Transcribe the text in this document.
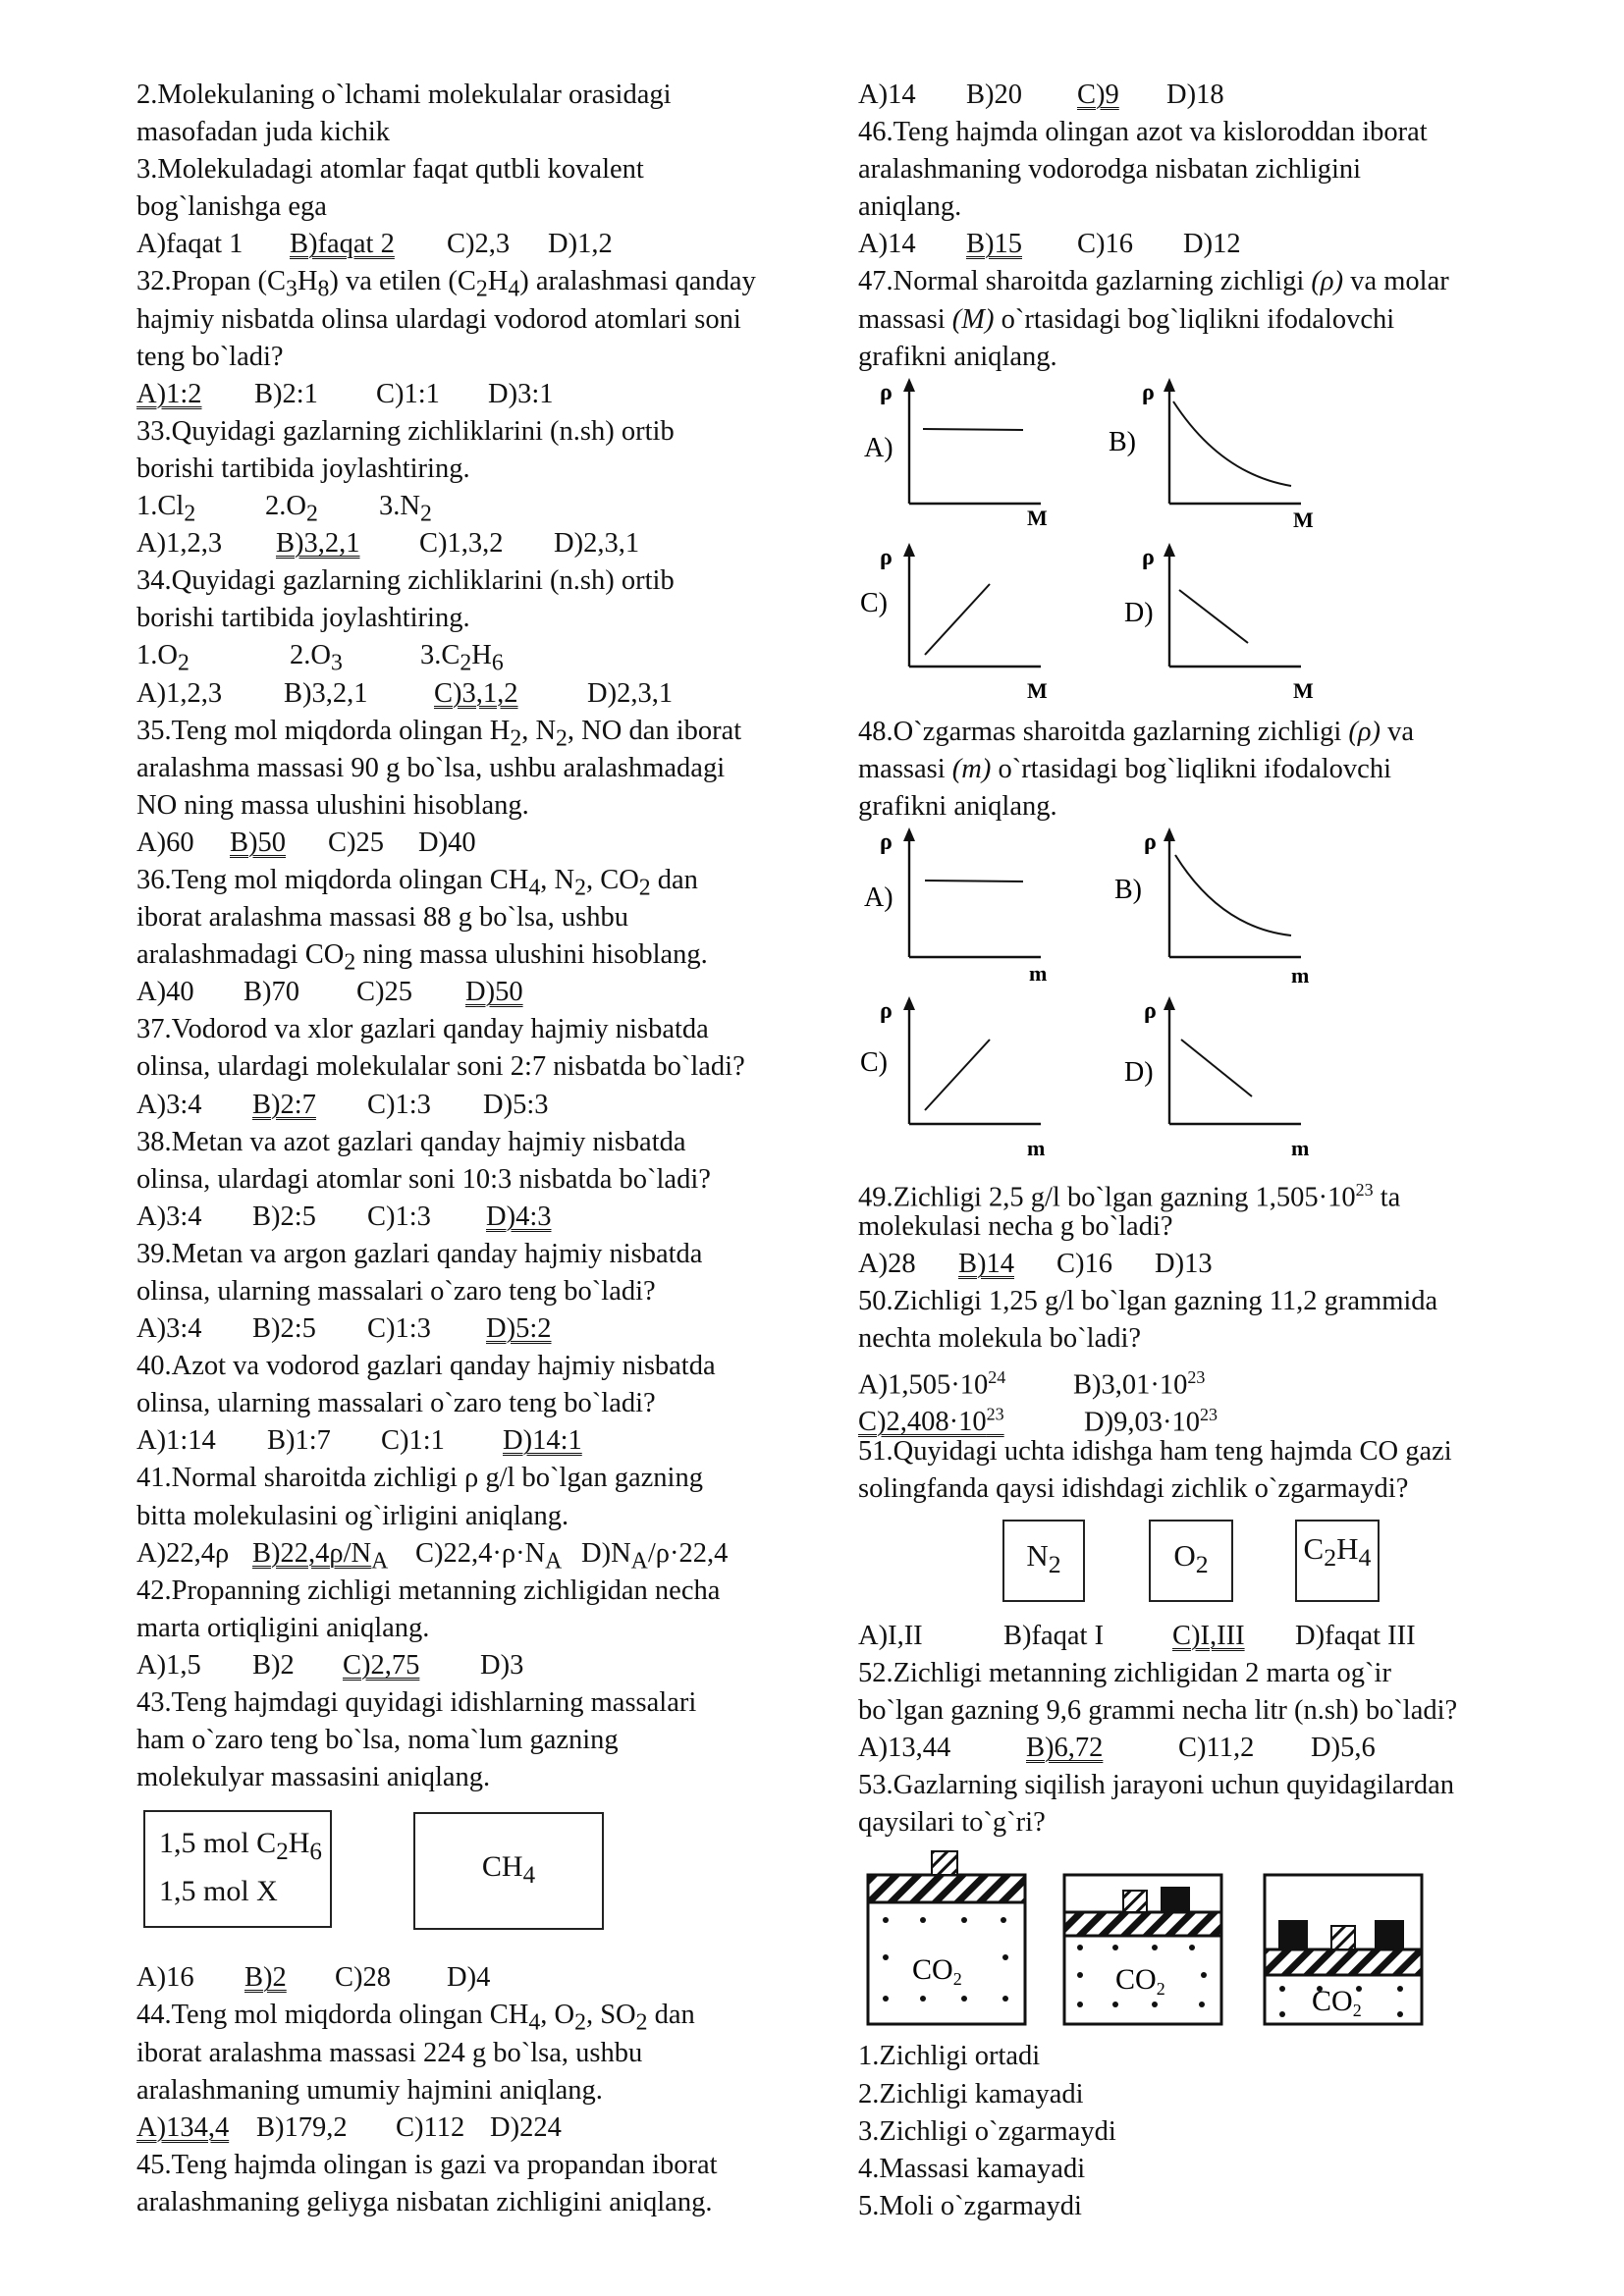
2.Molekulaning o`lchami molekulalar orasidagi
masofadan juda kichik
3.Molekuladagi atomlar faqat qutbli kovalent
bog`lanishga ega
A)faqat 1 B)faqat 2 C)2,3 D)1,2
32.Propan $(C_3H_8)$ va etilen $(C_2H_4)$ aralashmasi qanday
hajmiy nisbatda olinsa ulardagi vodorod atomlari soni
teng bo`ladi?
A)1:2 B)2:1 C)1:1 D)3:1
33.Quyidagi gazlarning zichliklarini (n.sh) ortib
borishi tartibida joylashtiring.
$1.Cl_2$ $2.O_2$ $3.N_2$
A)1,2,3 B)3,2,1 C)1,3,2 D)2,3,1
34.Quyidagi gazlarning zichliklarini (n.sh) ortib
borishi tartibida joylashtiring.
$1.O_2$	$2.O_3$	$3.C_2H_6$
A)1,2,3 B)3,2,1 C)3,1,2 D)2,3,1
35.Teng mol miqdorda olingan $H_2$, $N_2$, NO dan iborat
aralashma massasi 90 g bo`lsa, ushbu aralashmadagi
NO ning massa ulushini hisoblang.
A)60 B)50 C)25 D)40
36.Teng mol miqdorda olingan $CH_4$, $N_2$, $CO_2$ dan
iborat aralashma massasi 88 g bo`lsa, ushbu
aralashmadagi $CO_2$ ning massa ulushini hisoblang.
A)40 B)70 C)25 D)50
37.Vodorod va xlor gazlari qanday hajmiy nisbatda
olinsa, ulardagi molekulalar soni 2:7 nisbatda bo`ladi?
A)3:4 B)2:7 C)1:3 D)5:3
38.Metan va azot gazlari qanday hajmiy nisbatda
olinsa, ulardagi atomlar soni 10:3 nisbatda bo`ladi?
A)3:4 B)2:5 C)1:3 D)4:3
39.Metan va argon gazlari qanday hajmiy nisbatda
olinsa, ularning massalari o`zaro teng bo`ladi?
A)3:4 B)2:5 C)1:3 D)5:2
40.Azot va vodorod gazlari qanday hajmiy nisbatda
olinsa, ularning massalari o`zaro teng bo`ladi?
A)1:14 B)1:7 C)1:1 D)14:1
41.Normal sharoitda zichligi ρ g/l bo`lgan gazning
bitta molekulasini og`irligini aniqlang.
A)22,4ρ $B)22,4\rho/N_A$ $C)22,4\cdot\rho\cdot N_A$ $D)N_A/\rho\cdot 22,4$
42.Propanning zichligi metanning zichligidan necha
marta ortiqligini aniqlang.
A)1,5 B)2 C)2,75 D)3
43.Teng hajmdagi quyidagi idishlarning massalari
ham o`zaro teng bo`lsa, noma`lum gazning
molekulyar massasini aniqlang.
1,5 mol $C_2H_6$
1,5 mol X
$CH_4$
A)16 B)2 C)28 D)4
44.Teng mol miqdorda olingan $CH_4$, $O_2$, $SO_2$ dan
iborat aralashma massasi 224 g bo`lsa, ushbu
aralashmaning umumiy hajmini aniqlang.
A)134,4 B)179,2 C)112 D)224
45.Teng hajmda olingan is gazi va propandan iborat
aralashmaning geliyga nisbatan zichligini aniqlang.
A)14 B)20 C)9 D)18
46.Teng hajmda olingan azot va kisloroddan iborat
aralashmaning vodorodga nisbatan zichligini
aniqlang.
A)14 B)15 C)16 D)12
47.Normal sharoitda gazlarning zichligi (ρ) va molar
massasi (M) o`rtasidagi bog`liqlikni ifodalovchi
grafikni aniqlang.
ρ
A)
M
ρ
B)
M
ρ
C)
M
ρ
D)
M
48.O`zgarmas sharoitda gazlarning zichligi (ρ) va
massasi (m) o`rtasidagi bog`liqlikni ifodalovchi
grafikni aniqlang.
ρ
A)
m
ρ
B)
m
ρ
C)
m
ρ
D)
m
49.Zichligi 2,5 g/l bo`lgan gazning $1,505\cdot 10^{23}$ ta
molekulasi necha g bo`ladi?
A)28 B)14 C)16 D)13
50.Zichligi 1,25 g/l bo`lgan gazning 11,2 grammida
nechta molekula bo`ladi?
$A)1,505\cdot 10^{24}$ $B)3,01\cdot 10^{23}$
$C)2,408\cdot 10^{23}$	$D)9,03\cdot 10^{23}$
51.Quyidagi uchta idishga ham teng hajmda CO gazi
solingfanda qaysi idishdagi zichlik o`zgarmaydi?
$N_2$	$O_2$	$C_2H_4$
A)I,II	B)faqat I C)I,III D)faqat III
52.Zichligi metanning zichligidan 2 marta og`ir
bo`lgan gazning 9,6 grammi necha litr (n.sh) bo`ladi?
A)13,44	B)6,72	C)11,2 D)5,6
53.Gazlarning siqilish jarayoni uchun quyidagilardan
qaysilari to`g`ri?
$CO_2$	$CO_2$	$CO_2$
1.Zichligi ortadi
2.Zichligi kamayadi
3.Zichligi o`zgarmaydi
4.Massasi kamayadi
5.Moli o`zgarmaydi
